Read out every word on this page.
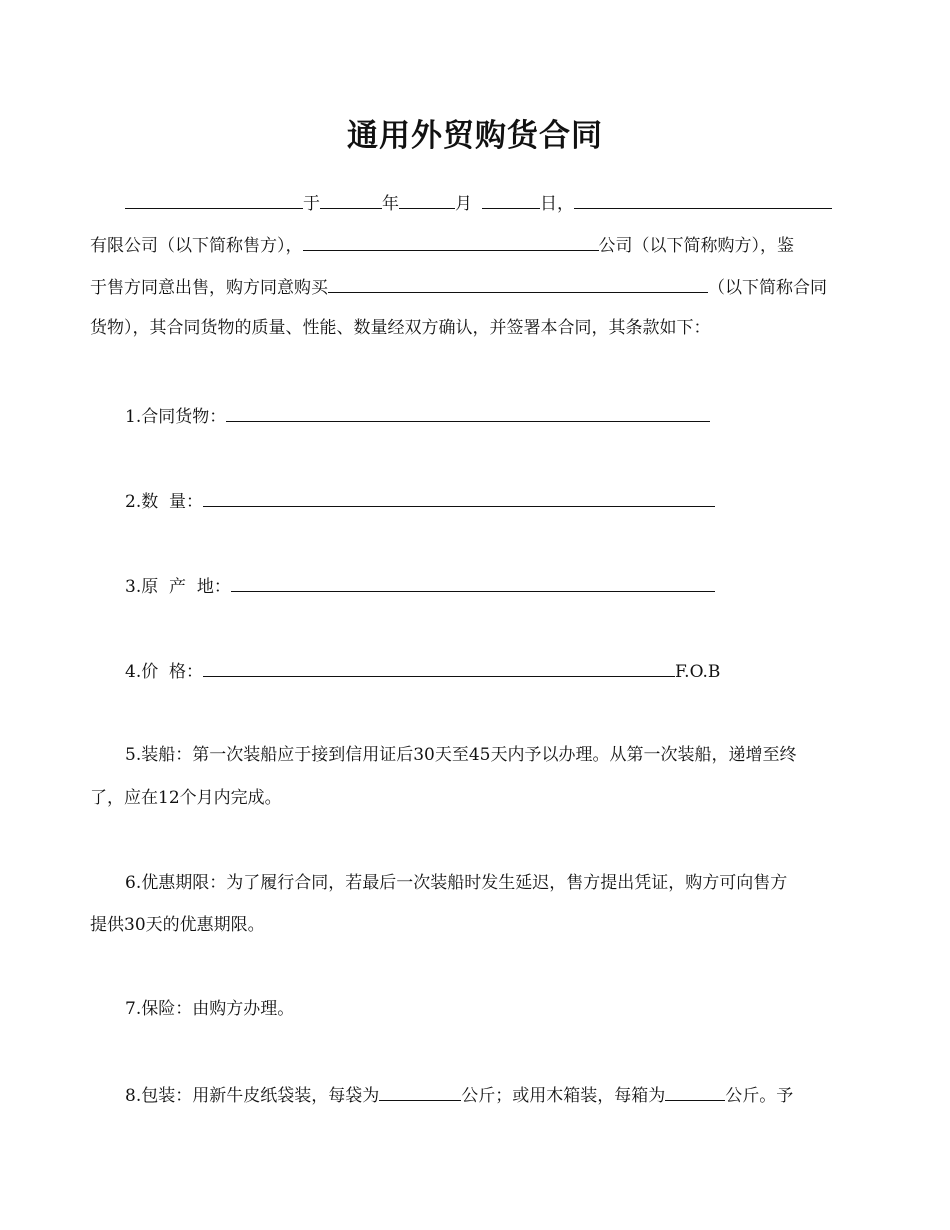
通用外贸购货合同
于	年	月	日，
有限公司（以下简称售方），	公司（以下简称购方），鉴
于售方同意出售，购方同意购买	（以下简称合同
货物），其合同货物的质量、性能、数量经双方确认，并签署本合同，其条款如下：
1.合同货物：
2.数  量：
3.原  产  地：
4.价  格：	F.O.B
5.装船：第一次装船应于接到信用证后30天至45天内予以办理。从第一次装船，递增至终
了，应在12个月内完成。
6.优惠期限：为了履行合同，若最后一次装船时发生延迟，售方提出凭证，购方可向售方
提供30天的优惠期限。
7.保险：由购方办理。
8.包装：用新牛皮纸袋装，每袋为	公斤；或用木箱装，每箱为	公斤。予
